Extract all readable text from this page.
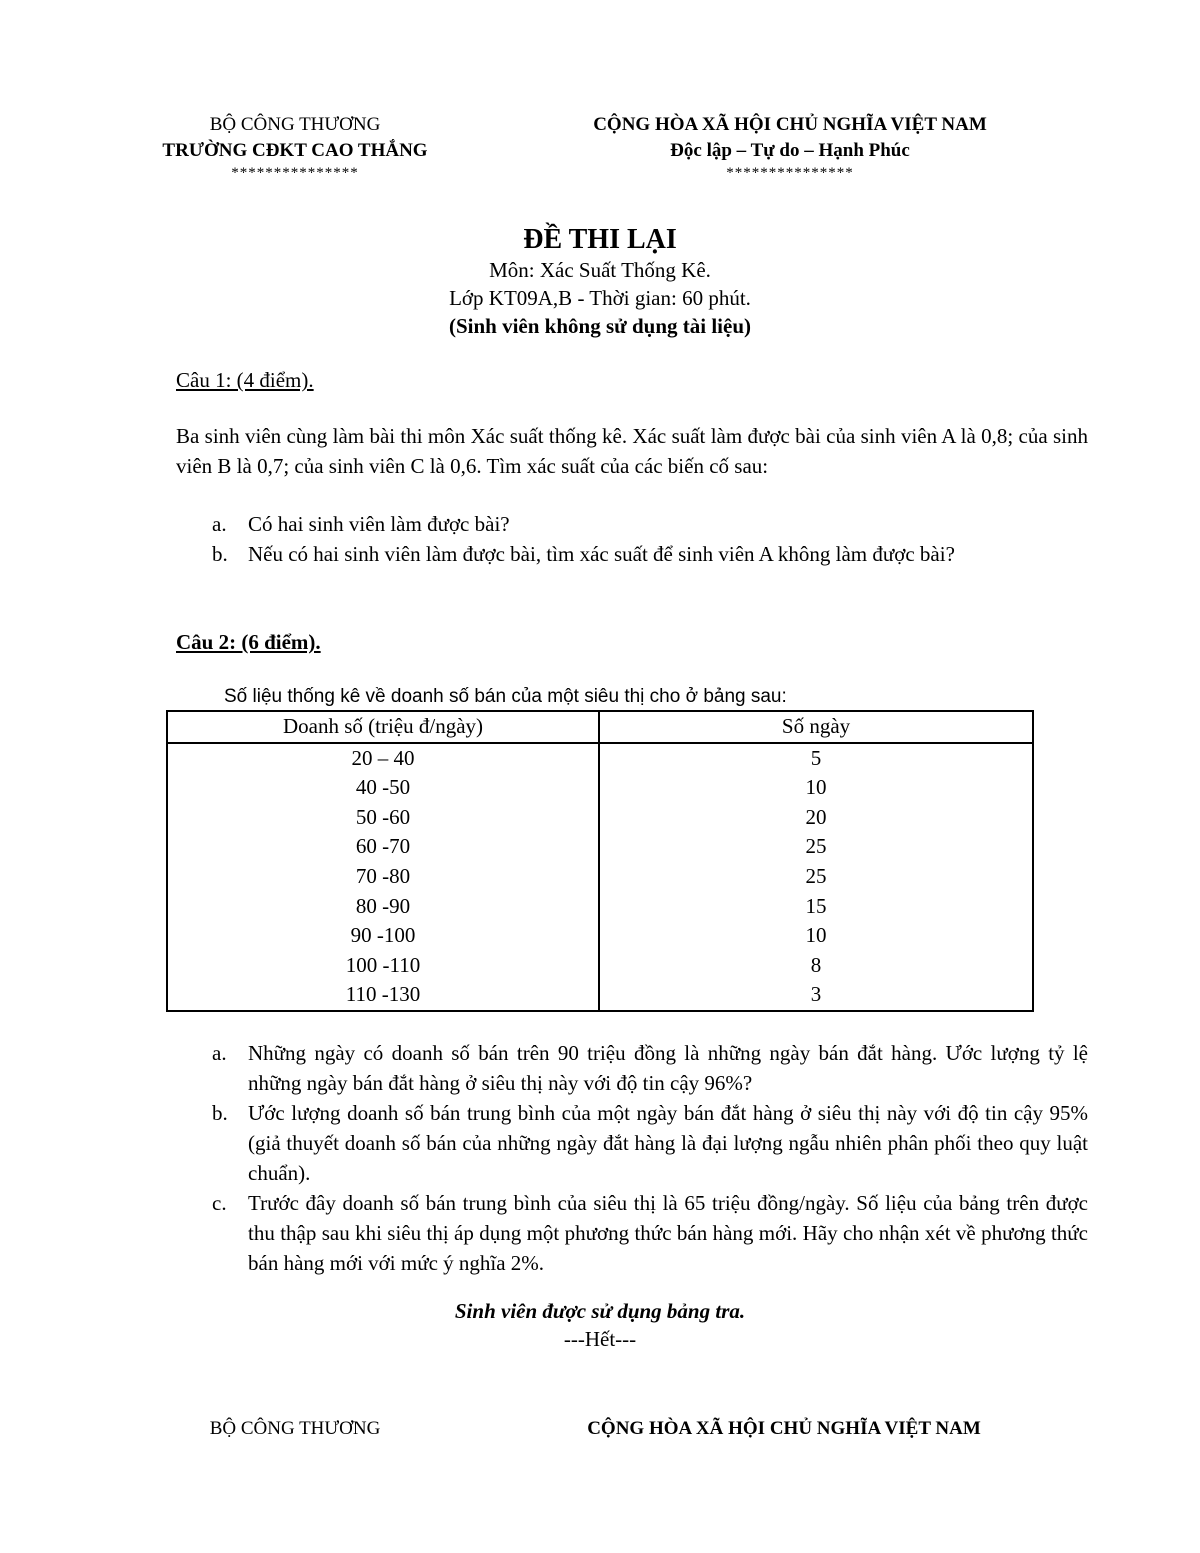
BỘ CÔNG THƯƠNG
TRƯỜNG CĐKT CAO THẮNG
***************
CỘNG HÒA XÃ HỘI CHỦ NGHĨA VIỆT NAM
Độc lập – Tự do – Hạnh Phúc
***************
ĐỀ THI LẠI
Môn: Xác Suất Thống Kê.
Lớp KT09A,B - Thời gian: 60 phút.
(Sinh viên không sử dụng tài liệu)
Câu 1: (4 điểm).
Ba sinh viên cùng làm bài thi môn Xác suất thống kê. Xác suất làm được bài của sinh viên A là 0,8; của sinh viên B là 0,7; của sinh viên C là 0,6. Tìm xác suất của các biến cố sau:
a.	Có hai sinh viên làm được bài?
b. Nếu có hai sinh viên làm được bài, tìm xác suất để sinh viên A không làm được bài?
Câu 2: (6 điểm).
Số liệu thống kê về doanh số bán của một siêu thị cho ở bảng sau:
Doanh số (triệu đ/ngày)	Số ngày
20 – 40	5
40 -50	10
50 -60	20
60 -70	25
70 -80	25
80 -90	15
90 -100	10
100 -110	8
110 -130	3
a.	Những ngày có doanh số bán trên 90 triệu đồng là những ngày bán đắt hàng. Ước lượng tỷ lệ những ngày bán đắt hàng ở siêu thị này với độ tin cậy 96%?
b. Ước lượng doanh số bán trung bình của một ngày bán đắt hàng ở siêu thị này với độ tin cậy 95% (giả thuyết doanh số bán của những ngày đắt hàng là đại lượng ngẫu nhiên phân phối theo quy luật chuẩn).
c.	Trước đây doanh số bán trung bình của siêu thị là 65 triệu đồng/ngày. Số liệu của bảng trên được thu thập sau khi siêu thị áp dụng một phương thức bán hàng mới. Hãy cho nhận xét về phương thức bán hàng mới với mức ý nghĩa 2%.
Sinh viên được sử dụng bảng tra.
---Hết---
BỘ CÔNG THƯƠNG	CỘNG HÒA XÃ HỘI CHỦ NGHĨA VIỆT NAM
